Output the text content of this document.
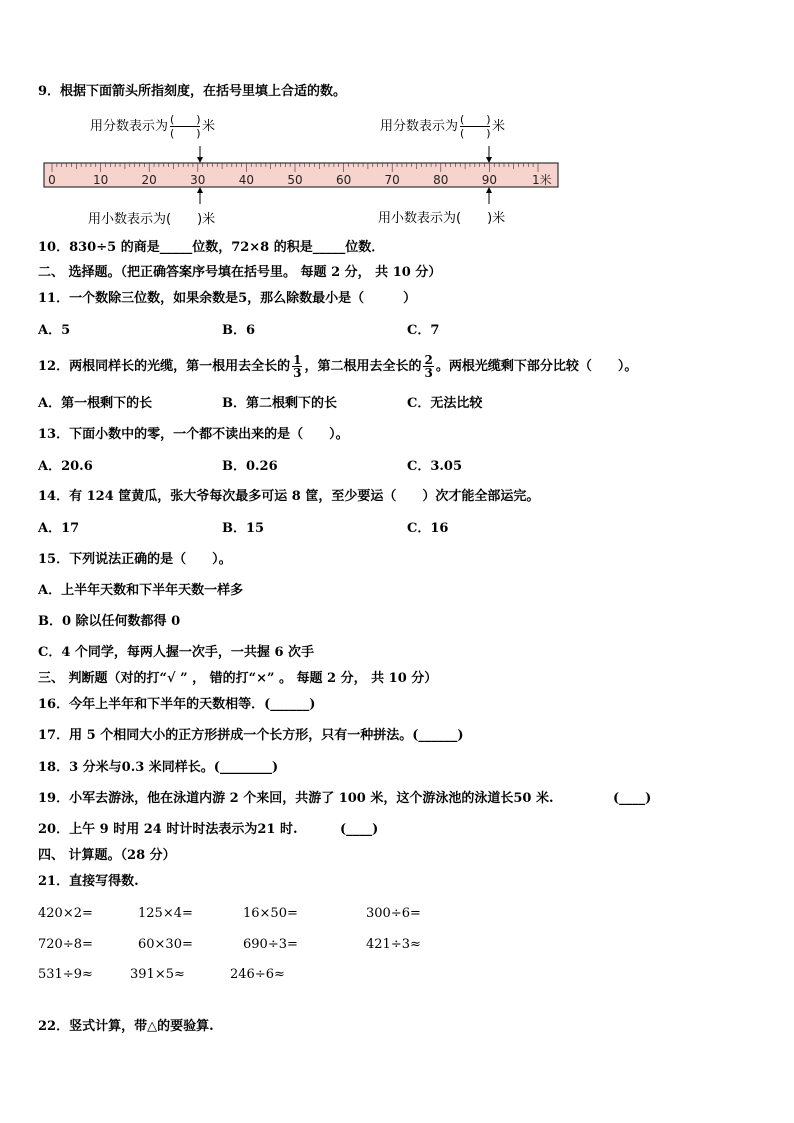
9．根据下面箭头所指刻度，在括号里填上合适的数。
用分数表示为 (　　)
(　　) 米	用分数表示为 (　　)
(　　) 米
0	10	20	30	40	50	60	70	80	90	1米
用小数表示为(　　)米	用小数表示为(　　)米
10．830÷5 的商是_____位数，72×8 的积是_____位数．
二、 选择题。（把正确答案序号填在括号里。 每题 2 分， 共 10 分）
11．一个数除三位数，如果余数是5，那么除数最小是（　　　）
A．5	B．6	C．7
12．两根同样长的光缆，第一根用去全长的 $\frac{1}{3}$ ，第二根用去全长的 $\frac{2}{3}$ 。两根光缆剩下部分比较（　　）。
A．第一根剩下的长	B．第二根剩下的长	C．无法比较
13．下面小数中的零，一个都不读出来的是（　　）。
A．20.6	B．0.26	C．3.05
14．有 124 筐黄瓜，张大爷每次最多可运 8 筐，至少要运（　　）次才能全部运完。
A．17	B．15	C．16
15．下列说法正确的是（　　）。
A．上半年天数和下半年天数一样多
B．0 除以任何数都得 0
C．4 个同学，每两人握一次手，一共握 6 次手
三、 判断题（对的打“√ ” ， 错的打“×” 。 每题 2 分， 共 10 分）
16．今年上半年和下半年的天数相等．(______)
17．用 5 个相同大小的正方形拼成一个长方形，只有一种拼法。(______)
18．3 分米与0.3 米同样长。(________)
19．小军去游泳，他在泳道内游 2 个来回，共游了 100 米，这个游泳池的泳道长50 米.	(____)
20．上午 9 时用 24 时计时法表示为21 时.	(____)
四、 计算题。（28 分）
21．直接写得数.
420×2=	125×4=	16×50=	300÷6=
720÷8=	60×30=	690÷3=	421÷3≈
531÷9≈	391×5≈	246÷6≈
22．竖式计算，带△的要验算.
